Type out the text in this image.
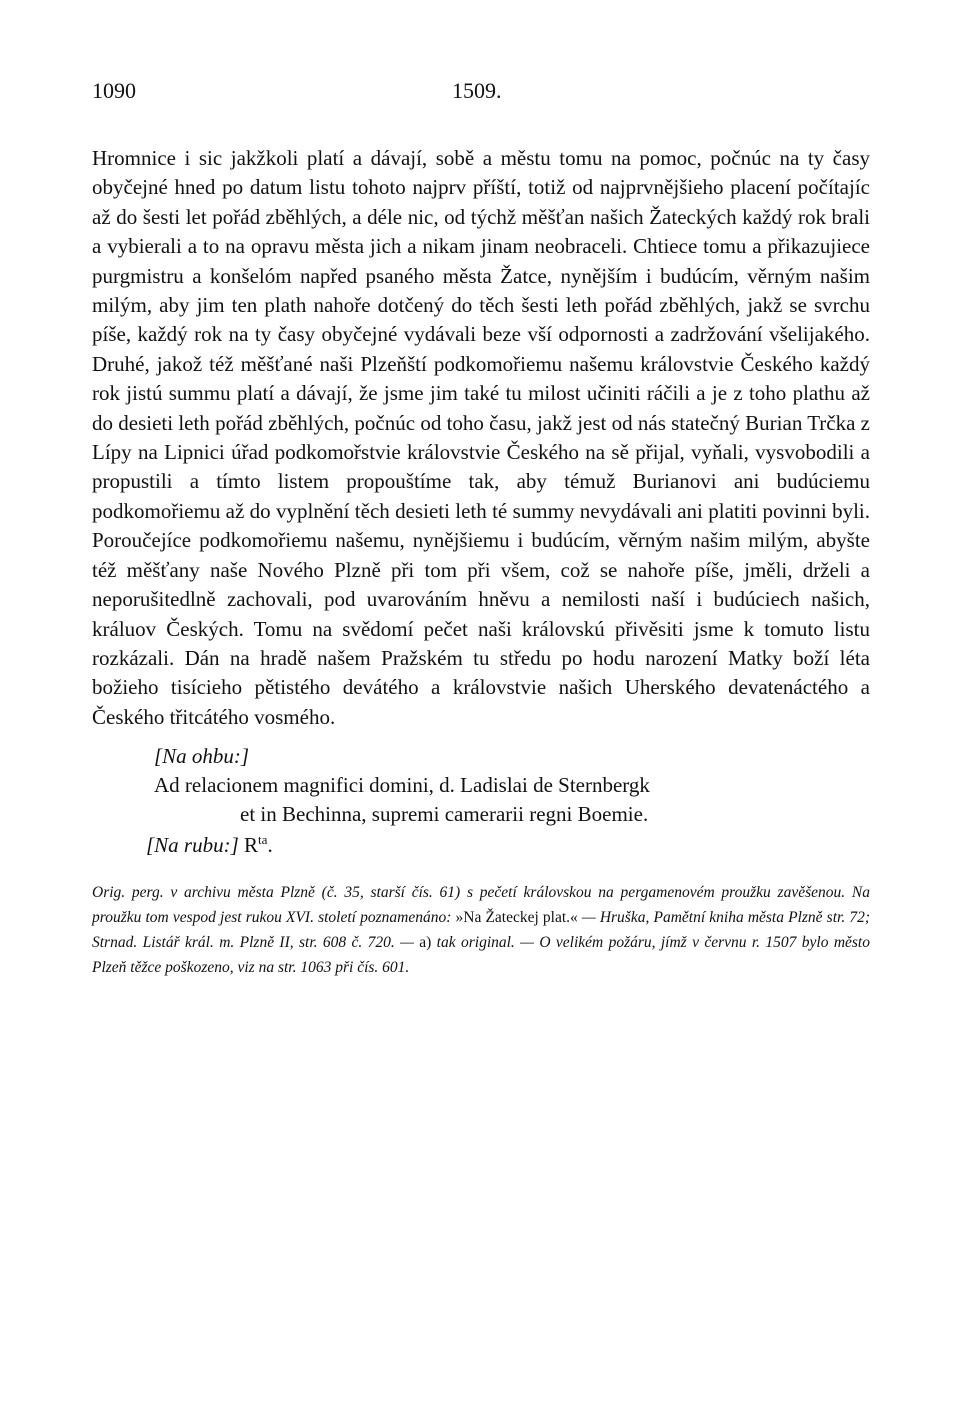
1090	1509.

Hromnice i sic jakžkoli platí a dávají, sobě a městu tomu na pomoc, počnúc na ty časy obyčejné hned po datum listu tohoto najprv příští, totiž od najprvnějšieho placení počítajíc až do šesti let pořád zběhlých, a déle nic, od týchž měšťan našich Žateckých každý rok brali a vybierali a to na opravu města jich a nikam jinam neobraceli. Chtiece tomu a přikazujiece purgmistru a konšelóm napřed psaného města Žatce, nynějším i budúcím, věrným našim milým, aby jim ten plath nahoře dotčený do těch šesti leth pořád zběhlých, jakž se svrchu píše, každý rok na ty časy obyčejné vydávali beze vší odpornosti a zadržování všelijakého. Druhé, jakož též měšťané naši Plzeňští podkomořiemu našemu královstvie Českého každý rok jistú summu platí a dávají, že jsme jim také tu milost učiniti ráčili a je z toho plathu až do desieti leth pořád zběhlých, počnúc od toho času, jakž jest od nás statečný Burian Trčka z Lípy na Lipnici úřad podkomořstvie královstvie Českého na sě přijal, vyňali, vysvobodili a propustili a tímto listem propouštíme tak, aby témuž Burianovi ani budúciemu podkomořiemu až do vyplnění těch desieti leth té summy nevydávali ani platiti povinni byli. Poroučejíce podkomořiemu našemu, nynějšiemu i budúcím, věrným našim milým, abyšte též měšťany naše Nového Plzně při tom při všem, což se nahoře píše, jměli, drželi a neporušitedlně zachovali, pod uvarováním hněvu a nemilosti naší i budúciech našich, králuov Českých. Tomu na svědomí pečet naši královskú přivěsiti jsme k tomuto listu rozkázali. Dán na hradě našem Pražském tu středu po hodu narození Matky boží léta božieho tisícieho pětistého devátého a královstvie našich Uherského devatenáctého a Českého třitcátého vosmého.

[Na ohbu:]
Ad relacionem magnifici domini, d. Ladislai de Sternbergk
et in Bechinna, supremi camerarii regni Boemie.
[Na rubu:] $R^{ta}$.
Orig. perg. v archivu města Plzně (č. 35, starší čís. 61) s pečetí královskou na pergamenovém proužku zavěšenou. Na proužku tom vespod jest rukou XVI. století poznamenáno: »Na Žateckej plat.« — Hruška, Pamětní kniha města Plzně str. 72; Strnad. Listář král. m. Plzně II, str. 608 č. 720. — a) tak original. — O velikém požáru, jímž v červnu r. 1507 bylo město Plzeň těžce poškozeno, viz na str. 1063 při čís. 601.
